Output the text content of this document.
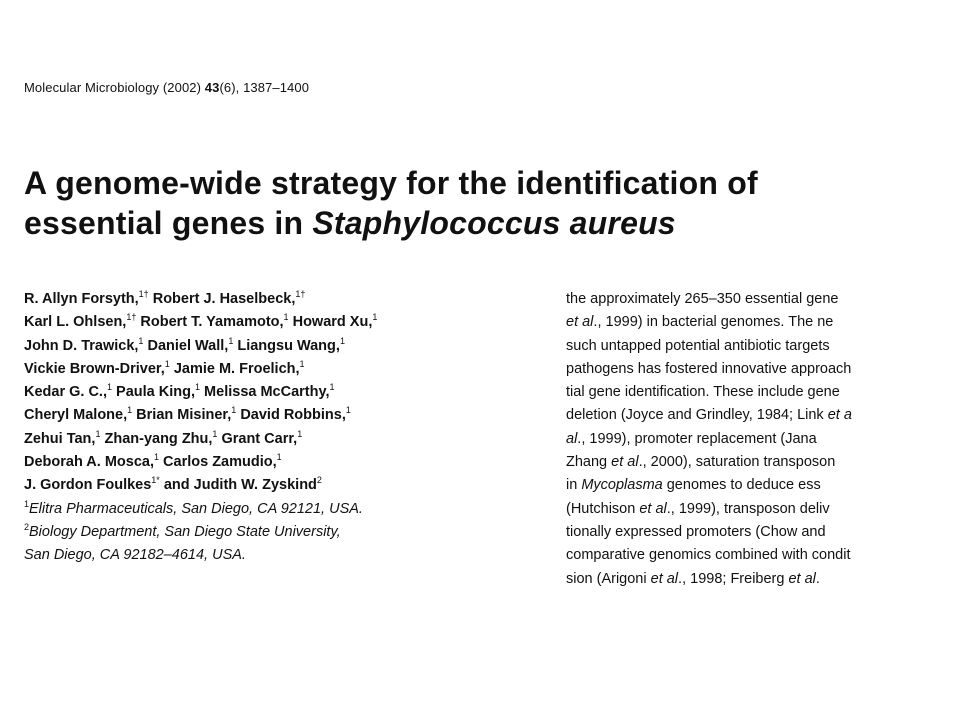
Molecular Microbiology (2002) 43(6), 1387–1400
A genome-wide strategy for the identification of
essential genes in Staphylococcus aureus
R. Allyn Forsyth,$^{1\dagger}$ Robert J. Haselbeck,$^{1\dagger}$
Karl L. Ohlsen,$^{1\dagger}$ Robert T. Yamamoto,$^1$ Howard Xu,$^1$
John D. Trawick,$^1$ Daniel Wall,$^1$ Liangsu Wang,$^1$
Vickie Brown-Driver,$^1$ Jamie M. Froelich,$^1$
Kedar G. C.,$^1$ Paula King,$^1$ Melissa McCarthy,$^1$
Cheryl Malone,$^1$ Brian Misiner,$^1$ David Robbins,$^1$
Zehui Tan,$^1$ Zhan-yang Zhu,$^1$ Grant Carr,$^1$
Deborah A. Mosca,$^1$ Carlos Zamudio,$^1$
J. Gordon Foulkes$^{1*}$ and Judith W. Zyskind$^2$
$^1$Elitra Pharmaceuticals, San Diego, CA 92121, USA.
$^2$Biology Department, San Diego State University,
San Diego, CA 92182–4614, USA.
the approximately 265–350 essential gene
et al., 1999) in bacterial genomes. The ne
such untapped potential antibiotic targets
pathogens has fostered innovative approach
tial gene identification. These include gene
deletion (Joyce and Grindley, 1984; Link et a
al., 1999), promoter replacement (Jana
Zhang et al., 2000), saturation transposon
in Mycoplasma genomes to deduce ess
(Hutchison et al., 1999), transposon deliv
tionally expressed promoters (Chow and
comparative genomics combined with condit
sion (Arigoni et al., 1998; Freiberg et al.
